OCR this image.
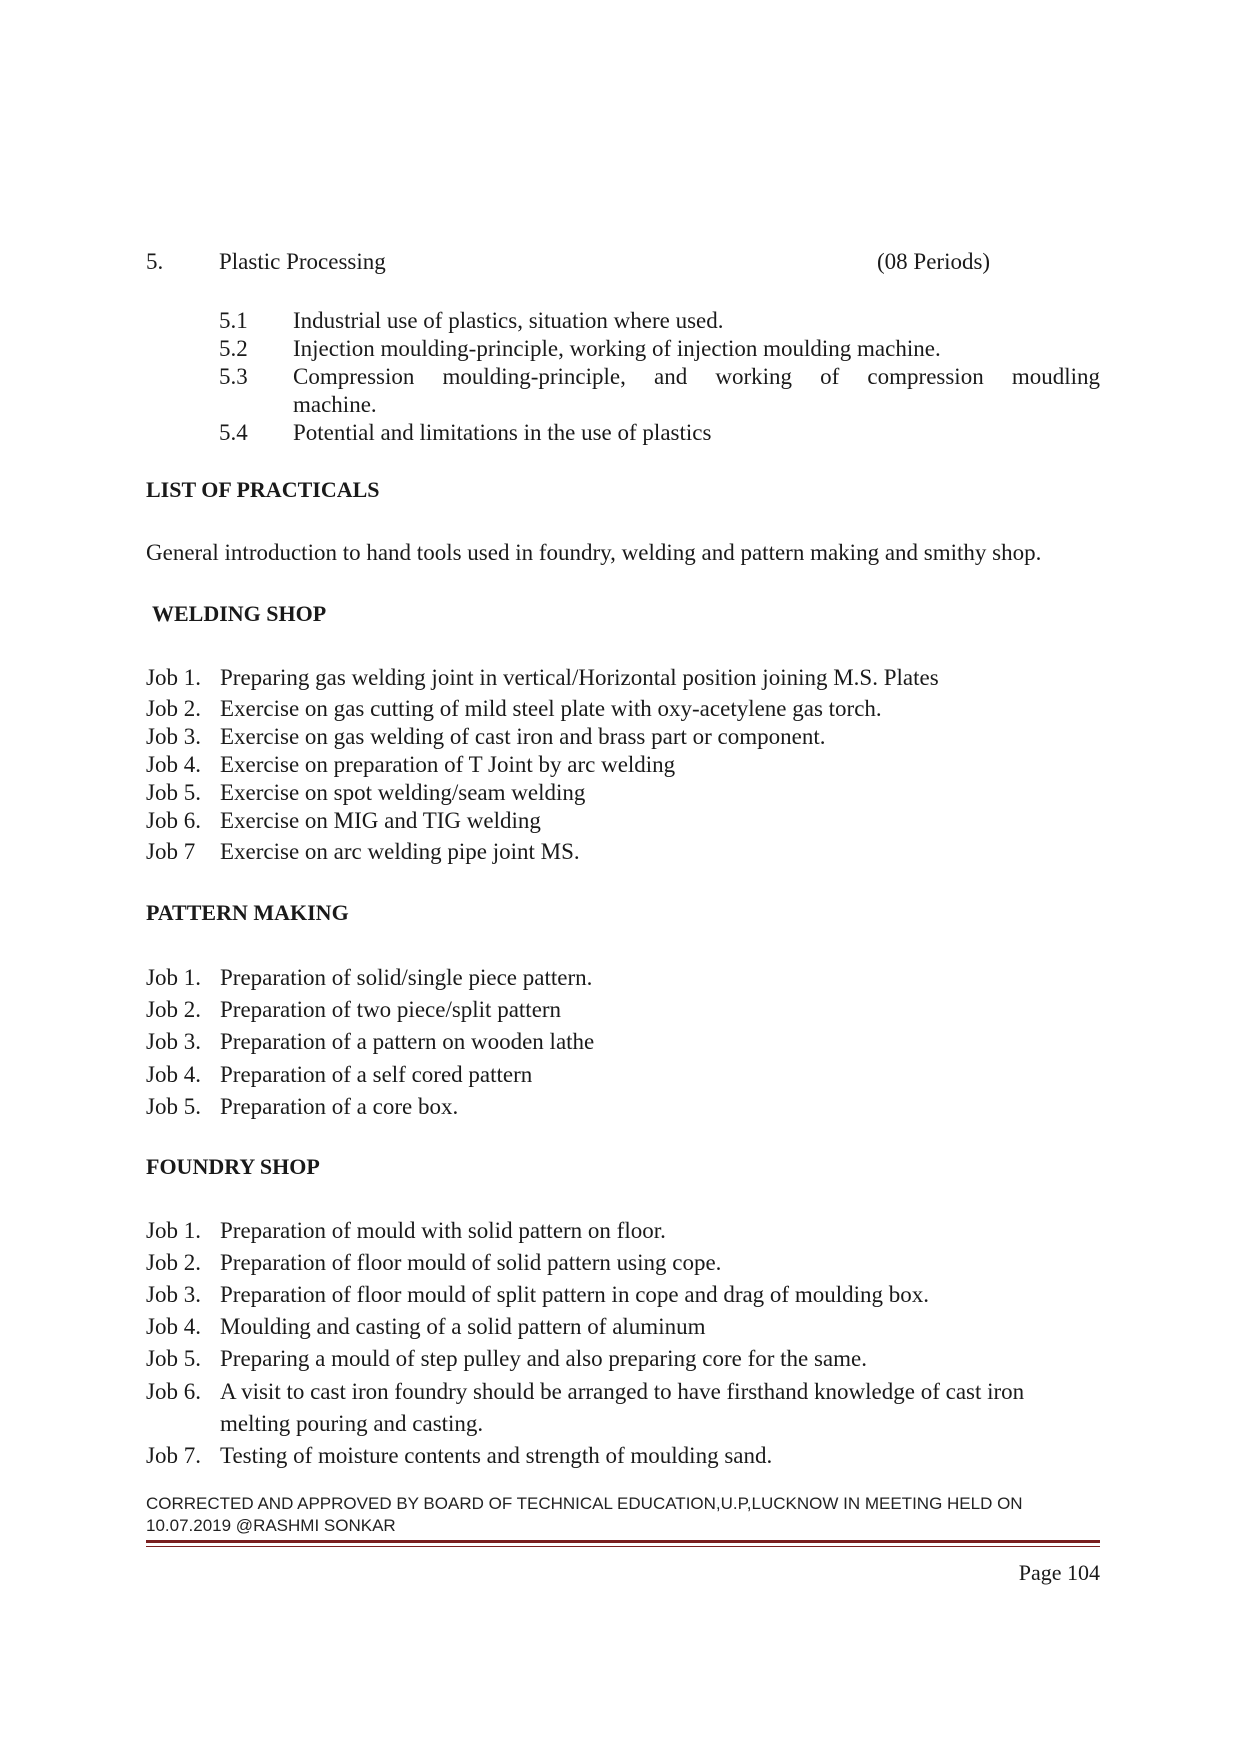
5. Plastic Processing	(08 Periods)
5.1 Industrial use of plastics, situation where used.
5.2 Injection moulding-principle, working of injection moulding machine.
5.3 Compression moulding-principle, and working of compression moudling
machine.
5.4 Potential and limitations in the use of plastics
LIST OF PRACTICALS
General introduction to hand tools used in foundry, welding and pattern making and smithy shop.
WELDING SHOP
Job 1. Preparing gas welding joint in vertical/Horizontal position joining M.S. Plates
Job 2. Exercise on gas cutting of mild steel plate with oxy-acetylene gas torch.
Job 3. Exercise on gas welding of cast iron and brass part or component.
Job 4. Exercise on preparation of T Joint by arc welding
Job 5. Exercise on spot welding/seam welding
Job 6. Exercise on MIG and TIG welding
Job 7 Exercise on arc welding pipe joint MS.
PATTERN MAKING
Job 1. Preparation of solid/single piece pattern.
Job 2. Preparation of two piece/split pattern
Job 3. Preparation of a pattern on wooden lathe
Job 4. Preparation of a self cored pattern
Job 5. Preparation of a core box.
FOUNDRY SHOP
Job 1. Preparation of mould with solid pattern on floor.
Job 2. Preparation of floor mould of solid pattern using cope.
Job 3. Preparation of floor mould of split pattern in cope and drag of moulding box.
Job 4. Moulding and casting of a solid pattern of aluminum
Job 5. Preparing a mould of step pulley and also preparing core for the same.
Job 6. A visit to cast iron foundry should be arranged to have firsthand knowledge of cast iron
melting pouring and casting.
Job 7. Testing of moisture contents and strength of moulding sand.
CORRECTED AND APPROVED BY BOARD OF TECHNICAL EDUCATION,U.P,LUCKNOW IN MEETING HELD ON
10.07.2019 @RASHMI SONKAR
Page 104
